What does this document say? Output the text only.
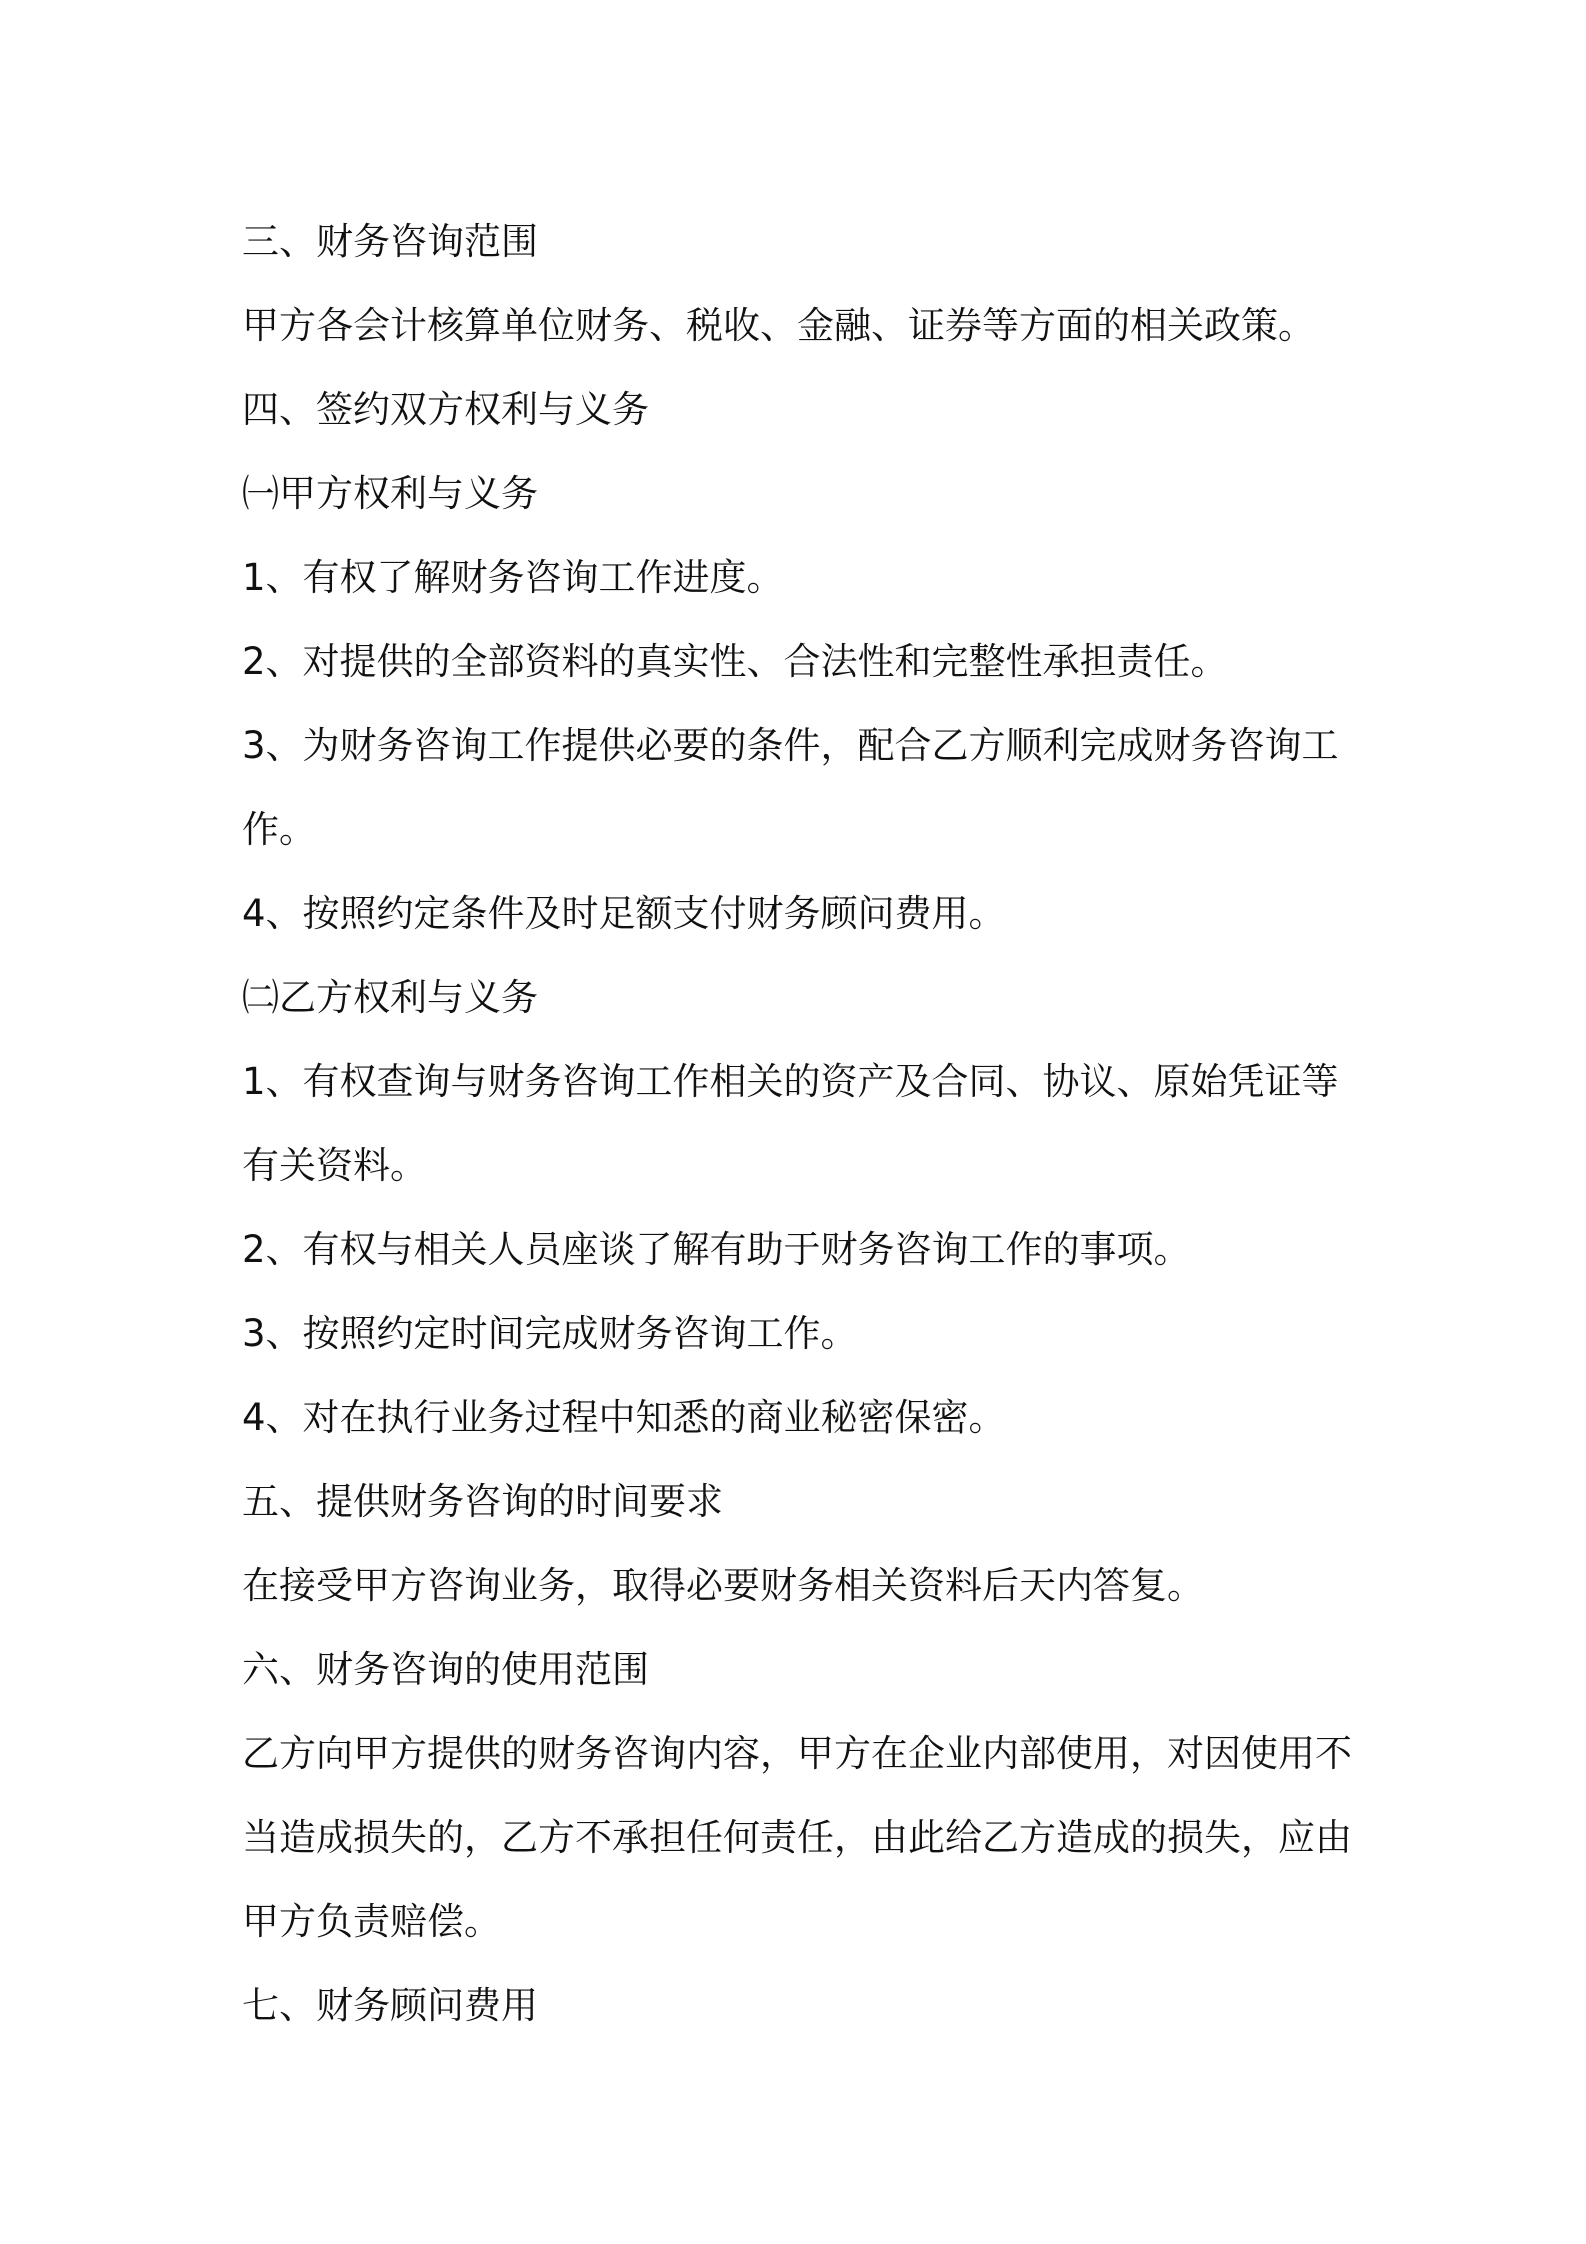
三、财务咨询范围
甲方各会计核算单位财务、税收、金融、证券等方面的相关政策。
四、签约双方权利与义务
㈠甲方权利与义务
1、有权了解财务咨询工作进度。
2、对提供的全部资料的真实性、合法性和完整性承担责任。
3、为财务咨询工作提供必要的条件，配合乙方顺利完成财务咨询工
作。
4、按照约定条件及时足额支付财务顾问费用。
㈡乙方权利与义务
1、有权查询与财务咨询工作相关的资产及合同、协议、原始凭证等
有关资料。
2、有权与相关人员座谈了解有助于财务咨询工作的事项。
3、按照约定时间完成财务咨询工作。
4、对在执行业务过程中知悉的商业秘密保密。
五、提供财务咨询的时间要求
在接受甲方咨询业务，取得必要财务相关资料后天内答复。
六、财务咨询的使用范围
乙方向甲方提供的财务咨询内容，甲方在企业内部使用，对因使用不
当造成损失的，乙方不承担任何责任，由此给乙方造成的损失，应由
甲方负责赔偿。
七、财务顾问费用
